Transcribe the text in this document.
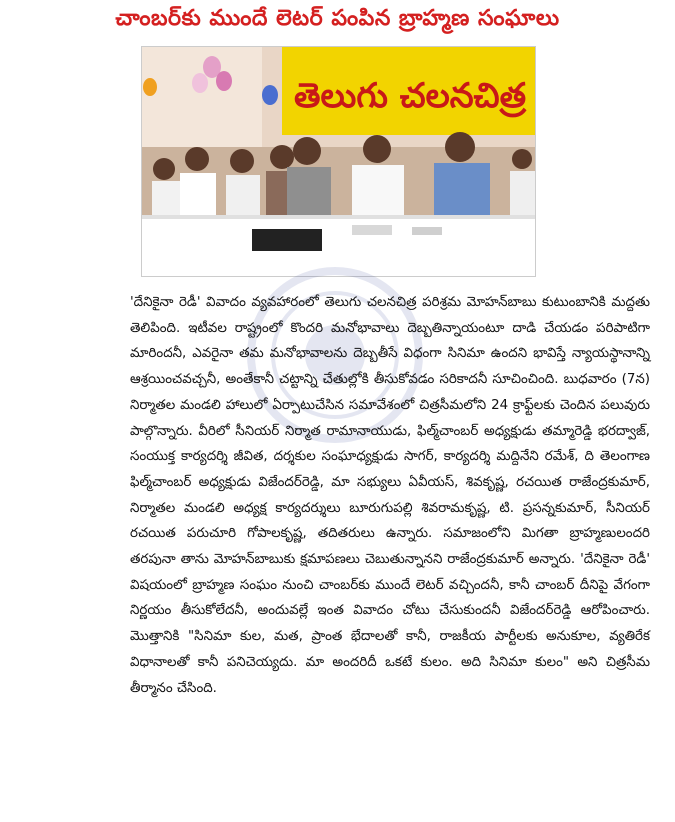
చాంబర్‌కు ముందే లెటర్ పంపిన బ్రాహ్మణ సంఘాలు
తెలుగు చలనచిత్ర

'దేనికైనా రెడీ' వివాదం వ్యవహారంలో తెలుగు చలనచిత్ర పరిశ్రమ మోహన్‌బాబు కుటుంబానికి మద్దతు తెలిపింది. ఇటీవల రాష్ట్రంలో కొందరి మనోభావాలు దెబ్బతిన్నాయంటూ దాడి చేయడం పరిపాటిగా మారిందనీ, ఎవరైనా తమ మనోభావాలను దెబ్బతీసే విధంగా సినిమా ఉందని భావిస్తే న్యాయస్థానాన్ని ఆశ్రయించవచ్చనీ, అంతేకానీ చట్టాన్ని చేతుల్లోకి తీసుకోవడం సరికాదనీ సూచించింది. బుధవారం (7న) నిర్మాతల మండలి హాలులో ఏర్పాటుచేసిన సమావేశంలో చిత్రసీమలోని 24 క్రాఫ్ట్‌లకు చెందిన పలువురు పాల్గొన్నారు. వీరిలో సీనియర్ నిర్మాత రామానాయుడు, ఫిల్మ్‌చాంబర్ అధ్యక్షుడు తమ్మారెడ్డి భరద్వాజ్, సంయుక్త కార్యదర్శి జీవిత, దర్శకుల సంఘాధ్యక్షుడు సాగర్, కార్యదర్శి మద్దినేని రమేశ్, ది తెలంగాణ ఫిల్మ్‌చాంబర్ అధ్యక్షుడు విజేందర్‌రెడ్డి, మా సభ్యులు ఏవీయస్, శివకృష్ణ, రచయిత రాజేంద్రకుమార్, నిర్మాతల మండలి అధ్యక్ష కార్యదర్శులు బూరుగుపల్లి శివరామకృష్ణ, టి. ప్రసన్నకుమార్, సీనియర్ రచయిత పరుచూరి గోపాలకృష్ణ, తదితరులు ఉన్నారు. సమాజంలోని మిగతా బ్రాహ్మణులందరి తరపునా తాను మోహన్‌బాబుకు క్షమాపణలు చెబుతున్నానని రాజేంద్రకుమార్ అన్నారు. 'దేనికైనా రెడీ' విషయంలో బ్రాహ్మణ సంఘం నుంచి చాంబర్‌కు ముందే లెటర్ వచ్చిందనీ, కానీ చాంబర్ దీనిపై వేగంగా నిర్ణయం తీసుకోలేదనీ, అందువల్లే ఇంత వివాదం చోటు చేసుకుందనీ విజేందర్‌రెడ్డి ఆరోపించారు. మొత్తానికి "సినిమా కుల, మత, ప్రాంత భేదాలతో కానీ, రాజకీయ పార్టీలకు అనుకూల, వ్యతిరేక విధానాలతో కానీ పనిచెయ్యదు. మా అందరిదీ ఒకటే కులం. అది సినిమా కులం" అని చిత్రసీమ తీర్మానం చేసింది.
